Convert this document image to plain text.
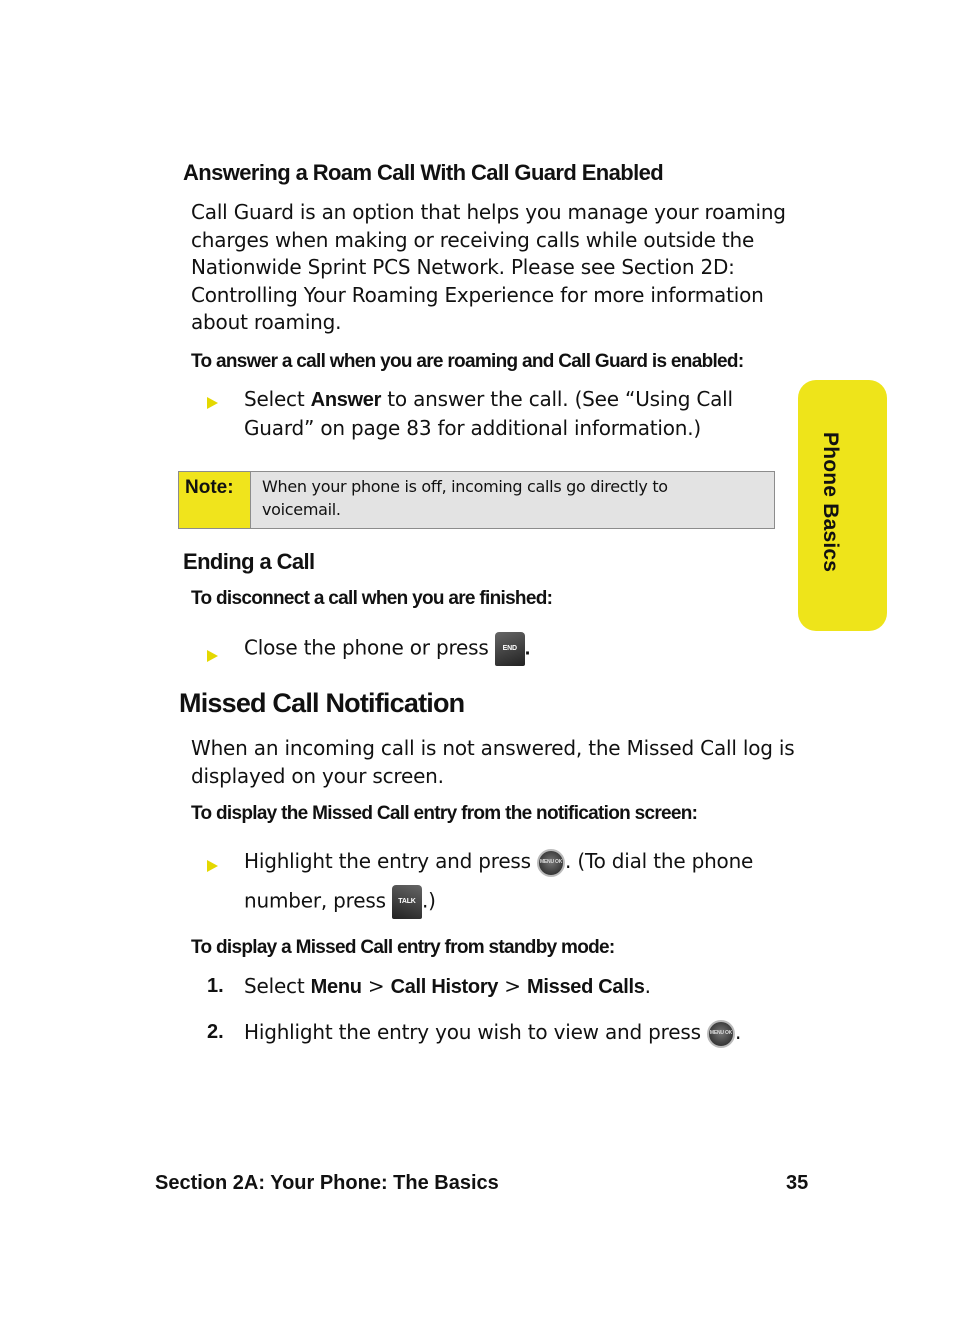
Answering a Roam Call With Call Guard Enabled
Call Guard is an option that helps you manage your roaming
charges when making or receiving calls while outside the
Nationwide Sprint PCS Network. Please see Section 2D:
Controlling Your Roaming Experience for more information
about roaming.
To answer a call when you are roaming and Call Guard is enabled:
Select Answer to answer the call. (See “Using Call
Guard” on page 83 for additional information.)
Note:	When your phone is off, incoming calls go directly to
voicemail.
Ending a Call
To disconnect a call when you are finished:
Close the phone or press END .
Missed Call Notification
When an incoming call is not answered, the Missed Call log is
displayed on your screen.
To display the Missed Call entry from the notification screen:
Highlight the entry and press MENU OK . (To dial the phone
number, press TALK .)
To display a Missed Call entry from standby mode:
1. Select Menu > Call History > Missed Calls.
2. Highlight the entry you wish to view and press MENU OK .
Phone Basics
Section 2A: Your Phone: The Basics	35
